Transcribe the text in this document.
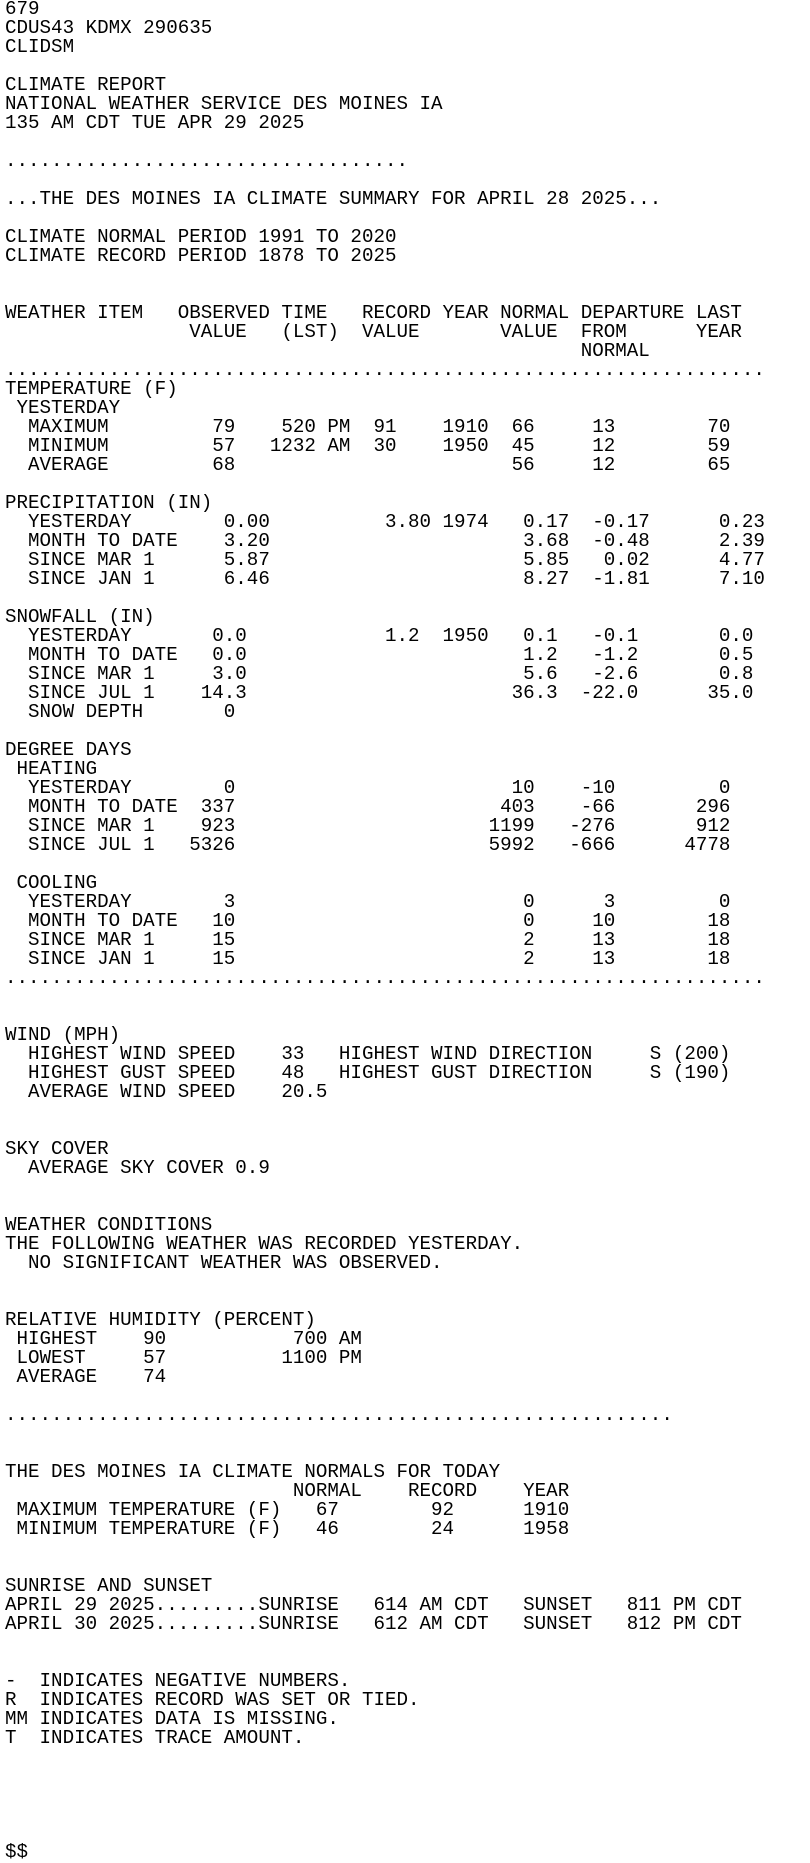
679
CDUS43 KDMX 290635
CLIDSM
CLIMATE REPORT
NATIONAL WEATHER SERVICE DES MOINES IA
135 AM CDT TUE APR 29 2025
...................................
...THE DES MOINES IA CLIMATE SUMMARY FOR APRIL 28 2025...
CLIMATE NORMAL PERIOD 1991 TO 2020
CLIMATE RECORD PERIOD 1878 TO 2025
WEATHER ITEM   OBSERVED TIME   RECORD YEAR NORMAL DEPARTURE LAST
VALUE   (LST)  VALUE       VALUE  FROM      YEAR
NORMAL
..................................................................
TEMPERATURE (F)
YESTERDAY
MAXIMUM         79    520 PM  91    1910  66     13        70
MINIMUM         57   1232 AM  30    1950  45     12        59
AVERAGE         68                        56     12        65
PRECIPITATION (IN)
YESTERDAY        0.00          3.80 1974   0.17  -0.17      0.23
MONTH TO DATE    3.20                      3.68  -0.48      2.39
SINCE MAR 1      5.87                      5.85   0.02      4.77
SINCE JAN 1      6.46                      8.27  -1.81      7.10
SNOWFALL (IN)
YESTERDAY       0.0            1.2  1950   0.1   -0.1       0.0
MONTH TO DATE   0.0                        1.2   -1.2       0.5
SINCE MAR 1     3.0                        5.6   -2.6       0.8
SINCE JUL 1    14.3                       36.3  -22.0      35.0
SNOW DEPTH       0
DEGREE DAYS
HEATING
YESTERDAY        0                        10    -10         0
MONTH TO DATE  337                       403    -66       296
SINCE MAR 1    923                      1199   -276       912
SINCE JUL 1   5326                      5992   -666      4778
COOLING
YESTERDAY        3                         0      3         0
MONTH TO DATE   10                         0     10        18
SINCE MAR 1     15                         2     13        18
SINCE JAN 1     15                         2     13        18
..................................................................
WIND (MPH)
HIGHEST WIND SPEED    33   HIGHEST WIND DIRECTION     S (200)
HIGHEST GUST SPEED    48   HIGHEST GUST DIRECTION     S (190)
AVERAGE WIND SPEED    20.5
SKY COVER
AVERAGE SKY COVER 0.9
WEATHER CONDITIONS
THE FOLLOWING WEATHER WAS RECORDED YESTERDAY.
NO SIGNIFICANT WEATHER WAS OBSERVED.
RELATIVE HUMIDITY (PERCENT)
HIGHEST    90           700 AM
LOWEST     57          1100 PM
AVERAGE    74
..........................................................
THE DES MOINES IA CLIMATE NORMALS FOR TODAY
NORMAL    RECORD    YEAR
MAXIMUM TEMPERATURE (F)   67        92      1910
MINIMUM TEMPERATURE (F)   46        24      1958
SUNRISE AND SUNSET
APRIL 29 2025.........SUNRISE   614 AM CDT   SUNSET   811 PM CDT
APRIL 30 2025.........SUNRISE   612 AM CDT   SUNSET   812 PM CDT
-  INDICATES NEGATIVE NUMBERS.
R  INDICATES RECORD WAS SET OR TIED.
MM INDICATES DATA IS MISSING.
T  INDICATES TRACE AMOUNT.
$$
